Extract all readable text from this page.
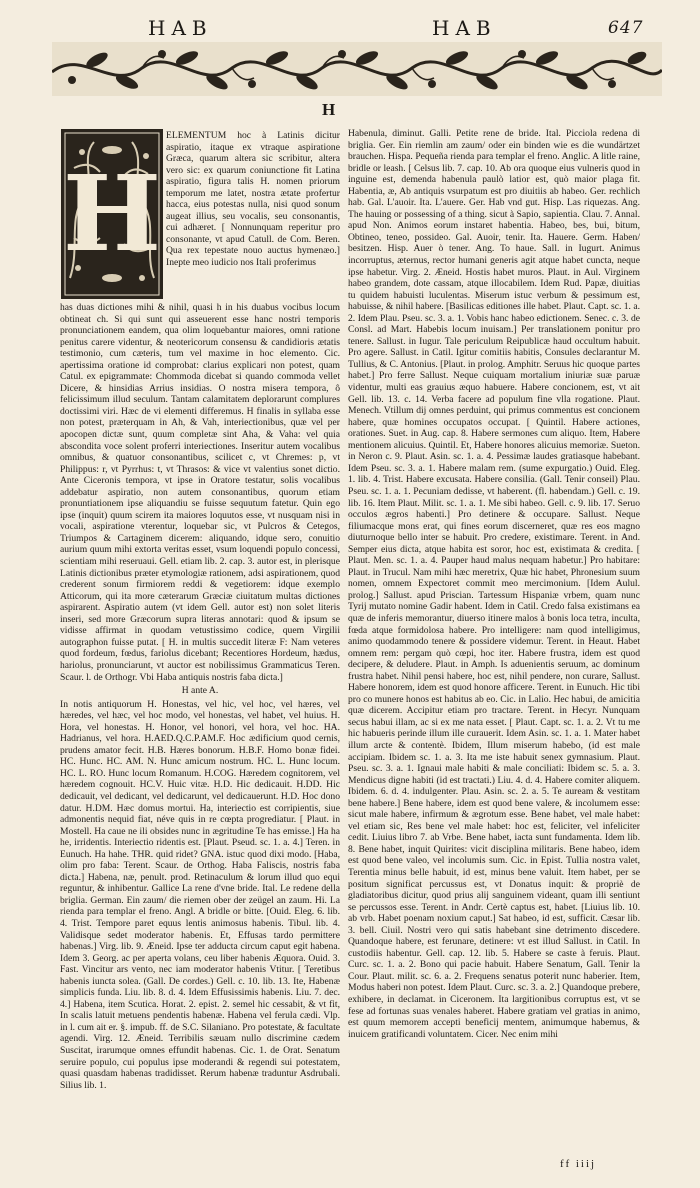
HAB	HAB	647
H
H

ELEMENTUM hoc à Latinis dicitur aspiratio, itaque ex vtraque aspiratione Græca, quarum altera sic scribitur, altera vero sic: ex quarum coniunctione fit Latina aspiratio, figura talis H. nomen priorum temporum me latet, nostra ætate profertur hacca, eius potestas nulla, nisi quod sonum augeat illius, seu vocalis, seu consonantis, cui adhæret. [ Nonnunquam reperitur pro consonante, vt apud Catull. de Com. Beren. Qua rex tepestate nouo auctus hymenæo.] Inepte meo iudicio nos Itali proferimus

has duas dictiones mihi & nihil, quasi h in his duabus vocibus locum obtineat ch. Si qui sunt qui asseuerent esse hanc nostri temporis pronunciationem eandem, qua olim loquebantur maiores, omni ratione penitus carere videntur, & neotericorum consensu & candidioris ætatis testimonio, cum cæteris, tum vel maxime in hoc elemento. Cic. apertissima oratione id comprobat: clarius explicari non potest, quam Catul. ex epigrammate: Chommoda dicebat si quando commoda vellet Dicere, & hinsidias Arrius insidias. O nostra misera tempora, ô felicissimum illud seculum. Tantam calamitatem deplorarunt complures doctissimi viri. Hæc de vi elementi differemus. H finalis in syllaba esse non potest, præterquam in Ah, & Vah, interiectionibus, quæ vel per apocopen dictæ sunt, quum completæ sint Aha, & Vaha: vel quia abscondita voce solent proferri interiectiones. Inseritur autem vocalibus omnibus, & quatuor consonantibus, scilicet c, vt Chremes: p, vt Philippus: r, vt Pyrrhus: t, vt Thrasos: & vice vt valentius sonet dictio. Ante Ciceronis tempora, vt ipse in Oratore testatur, solis vocalibus addebatur aspiratio, non autem consonantibus, quorum etiam pronuntiationem ipse aliquandiu se fuisse sequutum fatetur. Quin ego ipse (inquit) quum scirem ita maiores loquutos esse, vt nusquam nisi in vocali, aspiratione vterentur, loquebar sic, vt Pulcros & Cetegos, Triumpos & Cartaginem dicerem: aliquando, idque sero, conuitio aurium quum mihi extorta veritas esset, vsum loquendi populo concessi, scientiam mihi reseruaui. Gell. etiam lib. 2. cap. 3. autor est, in plerisque Latinis dictionibus præter etymologiæ rationem, adsi aspirationem, quod crederent sonum firmiorem reddi & vegetiorem: idque exemplo Atticorum, qui ita more cæterarum Græciæ ciuitatum multas dictiones aspirarent. Aspiratio autem (vt idem Gell. autor est) non solet literis inseri, sed more Græcorum supra literas annotari: quod & ipsum se vidisse affirmat in quodam vetustissimo codice, quem Virgilii autographon fuisse putat. [ H. in multis succedit literæ F: Nam veteres quod fordeum, fœdus, fariolus dicebant; Recentiores Hordeum, hædus, hariolus, pronunciarunt, vt auctor est nobilissimus Grammaticus Teren. Scaur. l. de Orthogr. Vbi Haba antiquis nostris faba dicta.]

H ante A.

In notis antiquorum H. Honestas, vel hic, vel hoc, vel hæres, vel hæredes, vel hæc, vel hoc modo, vel honestas, vel habet, vel huius. H. Hora, vel honestas. H. Honor, vel honori, vel hora, vel hoc. HA. Hadrianus, vel hora. H.AED.Q.C.P.AM.F. Hoc ædificium quod cernis, prudens amator fecit. H.B. Hæres bonorum. H.B.F. Homo bonæ fidei. HC. Hunc. HC. AM. N. Hunc amicum nostrum. HC. L. Hunc locum. HC. L. RO. Hunc locum Romanum. H.COG. Hæredem cognitorem, vel hæredem cognouit. HC.V. Huic vitæ. H.D. Hic dedicauit. H.DD. Hic dedicauit, vel dedicant, vel dedicarunt, vel dedicauerunt. H.D. Hoc dono datur. H.DM. Hæc domus mortui. Ha, interiectio est corripientis, siue admonentis nequid fiat, néve quis in re cœpta progrediatur. [ Plaut. in Mostell. Ha caue ne ili obsides nunc in ægritudine Te has emisse.] Ha ha he, irridentis. Interiectio ridentis est. [Plaut. Pseud. sc. 1. a. 4.] Teren. in Eunuch. Ha hahe. THR. quid ridet? GNA. istuc quod dixi modo. [Haba, olim pro faba: Terent. Scaur. de Orthog. Haba Faliscis, nostris faba dicta.] Habena, næ, penult. prod. Retinaculum & lorum illud quo equi reguntur, & inhibentur. Gallice La rene d'vne bride. Ital. Le redene della briglia. German. Ein zaum/ die riemen ober der zeügel an zaum. Hi. La rienda para templar el freno. Angl. A bridle or bitte. [Ouid. Eleg. 6. lib. 4. Trist. Tempore paret equus lentis animosus habenis. Tibul. lib. 4. Validisque sedet moderator habenis. Et, Effusas tardo permittere habenas.] Virg. lib. 9. Æneid. Ipse ter adducta circum caput egit habena. Idem 3. Georg. ac per aperta volans, ceu liber habenis Æquora. Ouid. 3. Fast. Vincitur ars vento, nec iam moderator habenis Vtitur. [ Teretibus habenis iuncta solea. (Gall. De cordes.) Gell. c. 10. lib. 13. Ite, Habenæ simplicis funda. Liu. lib. 8. d. 4. Idem Effusissimis habenis. Liu. 7. dec. 4.] Habena, item Scutica. Horat. 2. epist. 2. semel hic cessabit, & vt fit, In scalis latuit metuens pendentis habenæ. Habena vel ferula cædi. Vlp. in l. cum ait er. §. impub. ff. de S.C. Silaniano. Pro potestate, & facultate agendi. Virg. 12. Æneid. Terribilis sæuam nullo discrimine cædem Suscitat, irarumque omnes effundit habenas. Cic. 1. de Orat. Senatum seruire populo, cui populus ipse moderandi & regendi sui potestatem, quasi quasdam habenas tradidisset. Rerum habenæ traduntur Asdrubali. Silius lib. 1.

Habenula, diminut. Galli. Petite rene de bride. Ital. Picciola redena di briglia. Ger. Ein riemlin am zaum/ oder ein binden wie es die wundärtzet brauchen. Hispa. Pequeña rienda para templar el freno. Anglic. A litle raine, bridle or leash. [ Celsus lib. 7. cap. 10. Ab ora quoque eius vulneris quod in inguine est, demenda habenula paulò latior est, quò maior plaga fit. Habentia, æ, Ab antiquis vsurpatum est pro diuitiis ab habeo. Ger. rechlich hab. Gal. L'auoir. Ita. L'auere. Ger. Hab vnd gut. Hisp. Las riquezas. Ang. The hauing or possessing of a thing. sicut à Sapio, sapientia. Clau. 7. Annal. apud Non. Animos eorum instaret habentia. Habeo, bes, bui, bitum, Obtineo, teneo, possideo. Gal. Auoir, tenir. Ita. Hauere. Germ. Haben/ besitzen. Hisp. Auer ò tener. Ang. To haue. Sall. in Iugurt. Animus incorruptus, æternus, rector humani generis agit atque habet cuncta, neque ipse habetur. Virg. 2. Æneid. Hostis habet muros. Plaut. in Aul. Virginem habeo grandem, dote cassam, atque illocabilem. Idem Rud. Papæ, diuitias tu quidem habuisti luculentas. Miserum istuc verbum & pessimum est, habuisse, & nihil habere. [Basilicas editiones ille habet. Plaut. Capt. sc. 1. a. 2. Idem Plau. Pseu. sc. 3. a. 1. Vobis hanc habeo edictionem. Senec. c. 3. de Consl. ad Mart. Habebis locum inuisam.] Per translationem ponitur pro tenere. Sallust. in Iugur. Tale periculum Reipublicæ haud occultum habuit. Pro agere. Sallust. in Catil. Igitur comitiis habitis, Consules declarantur M. Tullius, & C. Antonius. [Plaut. in prolog. Amphitr. Seruus hic quoque partes habet.] Pro ferre Sallust. Neque cuiquam mortalium iniuriæ suæ paruæ videntur, multi eas grauius æquo habuere. Habere concionem, est, vt ait Gell. lib. 13. c. 14. Verba facere ad populum fine vlla rogatione. Plaut. Menech. Vtillum dij omnes perduint, qui primus commentus est concionem habere, quæ homines occupatos occupat. [ Quintil. Habere actiones, orationes. Suet. in Aug. cap. 8. Habere sermones cum aliquo. Item, Habere mentionem alicuius. Quintil. Et, Habere honores alicuius memoriæ. Sueton. in Neron c. 9. Plaut. Asin. sc. 1. a. 4. Pessimæ laudes gratiasque habebant. Idem Pseu. sc. 3. a. 1. Habere malam rem. (sume expurgatio.) Ouid. Eleg. 1. lib. 4. Trist. Habere excusata. Habere consilia. (Gall. Tenir conseil) Plau. Pseu. sc. 1. a. 1. Pecuniam dedisse, vt haberent. (fl. habendam.) Gell. c. 19. lib. 16. Item Plaut. Milit. sc. 1. a. 1. Me sibi habeo. Gell. c. 9. lib. 17. Seruo occulos ægros habenti.] Pro detinere & occupare. Sallust. Neque filiumacque mons erat, qui fines eorum discerneret, quæ res eos magno diuturnoque bello inter se habuit. Pro credere, existimare. Terent. in And. Semper eius dicta, atque habita est soror, hoc est, existimata & credita. [ Plaut. Men. sc. 1. a. 4. Pauper haud malus nequam habetur.] Pro habitare: Plaut. in Trucul. Nam mihi hæc meretrix, Quæ hic habet, Phronesium suum nomen, omnem Expectoret commit meo mercimonium. [Idem Aulul. prolog.] Sallust. apud Priscian. Tartessum Hispaniæ vrbem, quam nunc Tyrij mutato nomine Gadir habent. Idem in Catil. Credo falsa existimans ea quæ de inferis memorantur, diuerso itinere malos à bonis loca tetra, inculta, fœda atque formidolosa habere. Pro intelligere: nam quod intelligimus, animo quodammodo tenere & possidere videmur. Terent. in Heaut. Habet omnem rem: pergam quò cœpi, hoc iter. Habere frustra, idem est quod decipere, & deludere. Plaut. in Amph. Is aduenientis seruum, ac dominum frustra habet. Nihil pensi habere, hoc est, nihil pendere, non curare, Sallust. Habere honorem, idem est quod honore afficere. Terent. in Eunuch. Hic tibi pro co munere honos est habitus ab eo. Cic. in Lalio. Hec habui, de amicitia quæ dicerem. Accipitur etiam pro tractare. Terent. in Hecyr. Nunquam secus habui illam, ac si ex me nata esset. [ Plaut. Capt. sc. 1. a. 2. Vt tu me hic habueris perinde illum ille curauerit. Idem Asin. sc. 1. a. 1. Mater habet illum arcte & contentè. Ibidem, Illum miserum habebo, (id est male accipiam. Ibidem sc. 1. a. 3. Ita me iste habuit senex gymnasium. Plaut. Pseu. sc. 3. a. 1. Ignaui male habiti & male conciliati: Ibidem sc. 5. a. 3. Mendicus digne habiti (id est tractati.) Liu. 4. d. 4. Habere comiter aliquem. Ibidem. 6. d. 4. indulgenter. Plau. Asin. sc. 2. a. 5. Te auream & vestitam bene habere.] Bene habere, idem est quod bene valere, & incolumem esse: sicut male habere, infirmum & ægrotum esse. Bene habet, vel male habet: vel etiam sic, Res bene vel male habet: hoc est, feliciter, vel infeliciter cedit. Liuius libro 7. ab Vrbe. Bene habet, iacta sunt fundamenta. Idem lib. 8. Bene habet, inquit Quirites: vicit disciplina militaris. Bene habeo, idem est quod bene valeo, vel incolumis sum. Cic. in Epist. Tullia nostra valet, Terentia minus belle habuit, id est, minus bene valuit. Item habet, per se positum significat percussus est, vt Donatus inquit: & propriè de gladiatoribus dicitur, quod prius alij sanguinem videant, quam illi sentiunt se percussos esse. Terent. in Andr. Certè captus est, habet. [Liuius lib. 10. ab vrb. Habet poenam noxium caput.] Sat habeo, id est, sufficit. Cæsar lib. 3. bell. Ciuil. Nostri vero qui satis habebant sine detrimento discedere. Quandoque habere, est ferunare, detinere: vt est illud Sallust. in Catil. In custodiis habentur. Gell. cap. 12. lib. 5. Habere se caste à feruis. Plaut. Curc. sc. 1. a. 2. Bono qui pacie habuit. Habere Senatum, Gall. Tenir la Cour. Plaut. milit. sc. 6. a. 2. Frequens senatus poterit nunc haberier. Item, Modus haberi non potest. Idem Plaut. Curc. sc. 3. a. 2.] Quandoque prebere, exhibere, in declamat. in Ciceronem. Ita largitionibus corruptus est, vt se fese ad fortunas suas venales haberet. Habere gratiam vel gratias in animo, est quum memorem accepti beneficij mentem, animumque habemus, & inuicem gratificandi voluntatem. Cicer. Nec enim mihi

ff iiij
